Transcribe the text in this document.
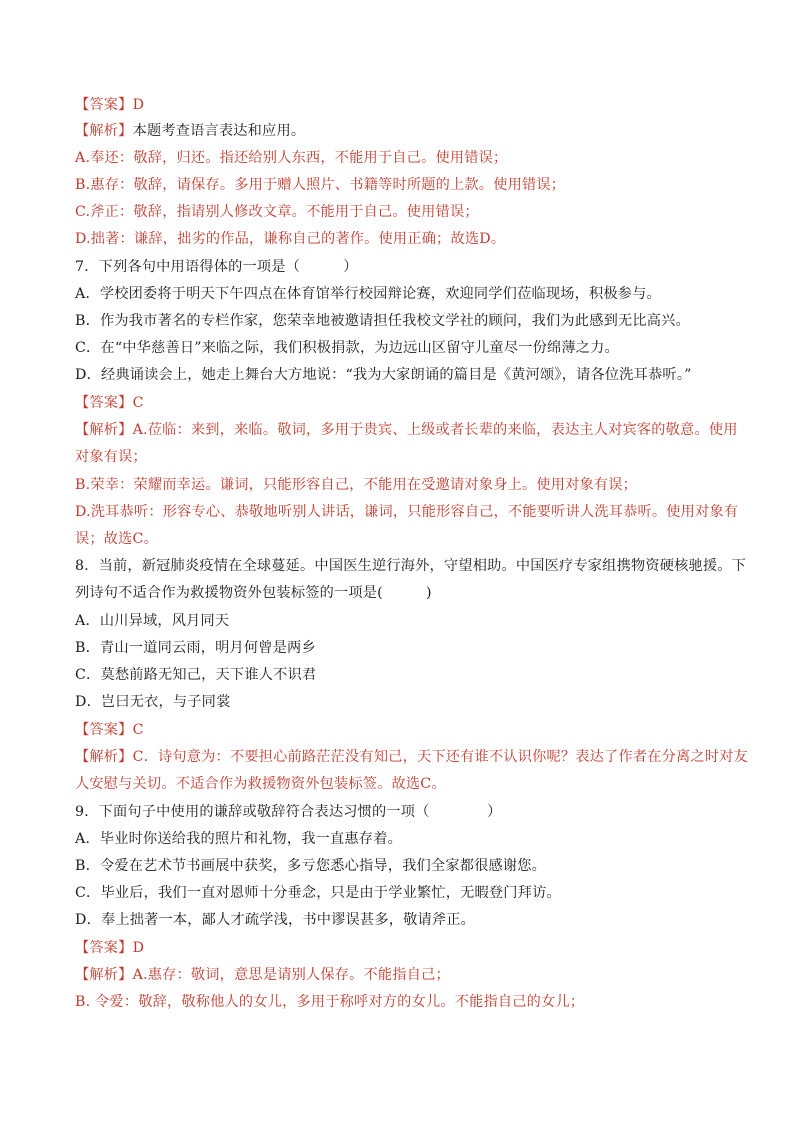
【答案】D
【解析】本题考查语言表达和应用。
A.奉还：敬辞，归还。指还给别人东西，不能用于自己。使用错误；
B.惠存：敬辞，请保存。多用于赠人照片、书籍等时所题的上款。使用错误；
C.斧正：敬辞，指请别人修改文章。不能用于自己。使用错误；
D.拙著：谦辞，拙劣的作品，谦称自己的著作。使用正确；故选D。
7．下列各句中用语得体的一项是（　　　）
A．学校团委将于明天下午四点在体育馆举行校园辩论赛，欢迎同学们莅临现场，积极参与。
B．作为我市著名的专栏作家，您荣幸地被邀请担任我校文学社的顾问，我们为此感到无比高兴。
C．在“中华慈善日”来临之际，我们积极捐款，为边远山区留守儿童尽一份绵薄之力。
D．经典诵读会上，她走上舞台大方地说：“我为大家朗诵的篇目是《黄河颂》，请各位洗耳恭听。”
【答案】C
【解析】A.莅临：来到，来临。敬词，多用于贵宾、上级或者长辈的来临，表达主人对宾客的敬意。使用
对象有误；
B.荣幸：荣耀而幸运。谦词，只能形容自己，不能用在受邀请对象身上。使用对象有误；
D.洗耳恭听：形容专心、恭敬地听别人讲话，谦词，只能形容自己，不能要听讲人洗耳恭听。使用对象有
误；故选C。
8．当前，新冠肺炎疫情在全球蔓延。中国医生逆行海外，守望相助。中国医疗专家组携物资硬核驰援。下
列诗句不适合作为救援物资外包装标签的一项是(　　　)
A．山川异域，风月同天
B．青山一道同云雨，明月何曾是两乡
C．莫愁前路无知己，天下谁人不识君
D．岂曰无衣，与子同裳
【答案】C
【解析】C．诗句意为：不要担心前路茫茫没有知己，天下还有谁不认识你呢？表达了作者在分离之时对友
人安慰与关切。不适合作为救援物资外包装标签。故选C。
9．下面句子中使用的谦辞或敬辞符合表达习惯的一项（　　　　）
A．毕业时你送给我的照片和礼物，我一直惠存着。
B．令爱在艺术节书画展中获奖，多亏您悉心指导，我们全家都很感谢您。
C．毕业后，我们一直对恩师十分垂念，只是由于学业繁忙，无暇登门拜访。
D．奉上拙著一本，鄙人才疏学浅，书中谬误甚多，敬请斧正。
【答案】D
【解析】A.惠存：敬词，意思是请别人保存。不能指自己；
B. 令爱：敬辞，敬称他人的女儿，多用于称呼对方的女儿。不能指自己的女儿；
